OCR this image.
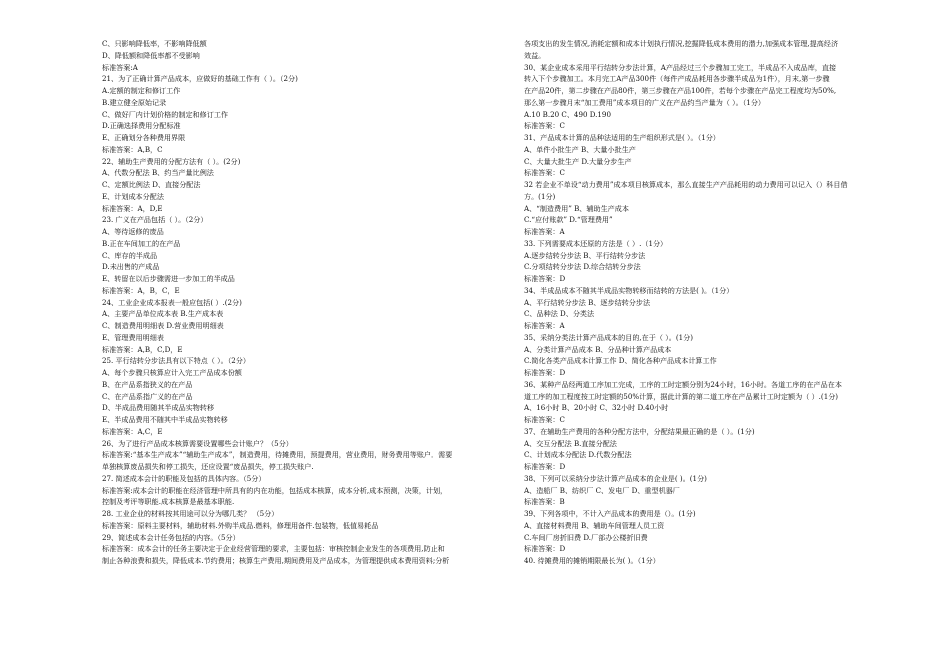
C、只影响降低率，不影响降低额
D、降低额和降低率都不受影响
标准答案:A
21、为了正确计算产品成本，应做好的基础工作有（ ）。（2分)
A.定额的制定和修订工作
B.建立健全原始记录
C、做好厂内计划价格的制定和修订工作
D.正确选择费用分配标准
E、正确划分各种费用界限
标准答案：A,B，C
22、辅助生产费用的分配方法有（ ）。(2分)
A、代数分配法 B、约当产量比例法
C、定额比例法 D、直接分配法
E、计划成本分配法
标准答案：A，D,E
23. 广义在产品包括（ ）。（2分）
A、等待返修的废品
B.正在车间加工的在产品
C、库存的半成品
D.未出售的产成品
E、转留在以后步骤需进一步加工的半成品
标准答案：A，B，C，E
24、工业企业成本报表一般应包括( ）.(2分)
A、主要产品单位成本表 B.生产成本表
C、制造费用明细表 D.营业费用明细表
E、管理费用明细表
标准答案：A,B，C,D，E
25. 平行结转分步法具有以下特点（ ）。（2分）
A、每个步骤只核算应计入完工产品成本份额
B、在产品系指狭义的在产品
C、在产品系指广义的在产品
D、半成品费用随其半成品实物转移
E、半成品费用不随其中半成品实物转移
标准答案：A,C，E
26、为了进行产品成本核算需要设置哪些会计账户？（5分）
标准答案:“基本生产成本”“辅助生产成本”，制造费用，待摊费用，预提费用，营业费用，财务费用等账户．需要
单独核算废品损失和停工损失，还应设置“废品损失，停工损失账户.
27. 简述成本会计的职能及包括的具体内容。（5分）
标准答案:成本会计的职能在经济管理中所具有的内在功能，包括成本核算，成本分析,成本预测，决策，计划，
控制及考评等职能.成本核算是最基本职能.
28. 工业企业的材料按其用途可以分为哪几类？ （5分）
标准答案：原料主要材料，辅助材料.外购半成品.燃料，修理用备件.包装物，低值易耗品
29、简述成本会计任务包括的内容。（5分）
标准答案：成本会计的任务主要决定于企业经营管理的要求，主要包括：审核控制企业发生的各项费用,防止和
制止各种浪费和损失，降低成本.节约费用；核算生产费用,期间费用及产品成本，为管理提供成本费用资料;分析
各项支出的发生情况,消耗定额和成本计划执行情况,挖掘降低成本费用的潜力,加强成本管理,提高经济
效益。
30、某企业成本采用平行结转分步法计算，A产品经过三个步骤加工完工，半成品不入成品库，直接
转入下个步骤加工。本月完工A产品300件（每件产成品耗用各步骤半成品为1件），月末,第一步骤
在产品20件，第二步骤在产品80件，第三步骤在产品100件，若每个步骤在产品完工程度均为50%,
那么第一步骤月末“加工费用”成本项目的广义在产品约当产量为（ ）。（1分）
A.10 B.20 C、490 D.190
标准答案：C
31、产品成本计算的品种法适用的生产组织形式是( ）。（1分）
A、单件小批生产 B、大量小批生产
C、大量大批生产 D.大量分步生产
标准答案：C
32 若企业不单设“动力费用”成本项目核算成本，那么直接生产产品耗用的动力费用可以记入（）科目借
方。(1分)
A、“制造费用” B、辅助生产成本
C.“应付账款” D.“管理费用”
标准答案：A
33. 下列需要成本还原的方法是（ ）.（1分）
A.逐步结转分步法 B、平行结转分步法
C.分项结转分步法 D.综合结转分步法
标准答案：D
34、半成品成本不随其半成品实物转移而结转的方法是( )。（1分）
A、平行结转分步法 B、逐步结转分步法
C、品种法 D、分类法
标准答案：A
35、采纳分类法计算产品成本的目的,在于（ ）。(1分)
A、分类计算产品成本 B、分品种计算产品成本
C.简化各类产品成本计算工作 D、简化各种产品成本计算工作
标准答案：D
36、某种产品经两道工序加工完成，工序的工时定额分别为24小时，16小时。各道工序的在产品在本
道工序的加工程度按工时定额的50%计算，据此计算的第二道工序在产品累计工时定额为（ ）.(1分)
A、16小时 B、20小时 C、32小时 D.40小时
标准答案：C
37、在辅助生产费用的各种分配方法中，分配结果最正确的是（ ）。(1分)
A、交互分配法 B.直接分配法
C、计划成本分配法 D.代数分配法
标准答案：D
38、下列可以采纳分步法计算产品成本的企业是( )。(1分)
A、造船厂 B、纺织厂 C、发电厂 D、重型机器厂
标准答案：B
39、下列各项中，不计入产品成本的费用是（）。(1分)
A、直接材料费用 B、辅助车间管理人员工资
C.车间厂房折旧费 D.厂部办公楼折旧费
标准答案：D
40. 待摊费用的摊销期限最长为( )。（1分）
